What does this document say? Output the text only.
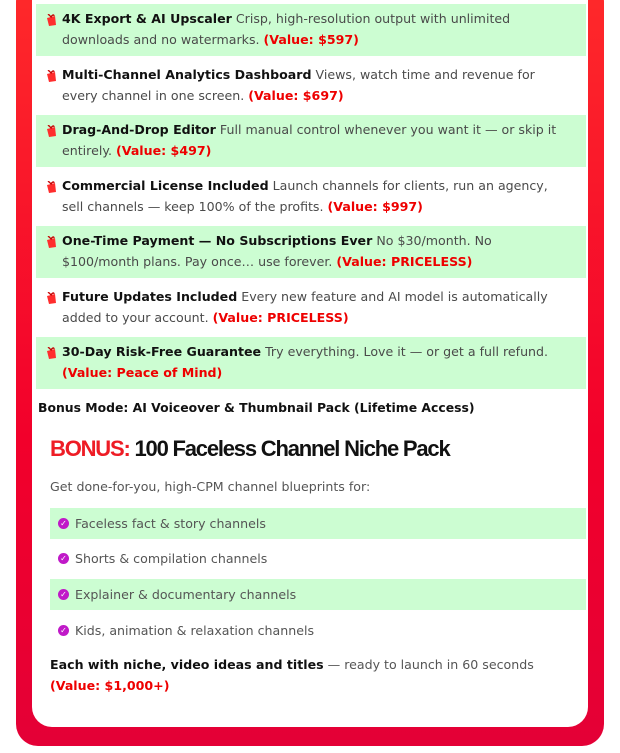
4K Export & AI Upscaler Crisp, high-resolution output with unlimited downloads and no watermarks. (Value: $597)
Multi-Channel Analytics Dashboard Views, watch time and revenue for every channel in one screen. (Value: $697)
Drag-And-Drop Editor Full manual control whenever you want it — or skip it entirely. (Value: $497)
Commercial License Included Launch channels for clients, run an agency, sell channels — keep 100% of the profits. (Value: $997)
One-Time Payment — No Subscriptions Ever No $30/month. No $100/month plans. Pay once… use forever. (Value: PRICELESS)
Future Updates Included Every new feature and AI model is automatically added to your account. (Value: PRICELESS)
30-Day Risk-Free Guarantee Try everything. Love it — or get a full refund. (Value: Peace of Mind)
Bonus Mode: AI Voiceover & Thumbnail Pack (Lifetime Access)
BONUS: 100 Faceless Channel Niche Pack
Get done-for-you, high-CPM channel blueprints for:
✓ Faceless fact & story channels
✓ Shorts & compilation channels
✓ Explainer & documentary channels
✓ Kids, animation & relaxation channels
Each with niche, video ideas and titles — ready to launch in 60 seconds (Value: $1,000+)
